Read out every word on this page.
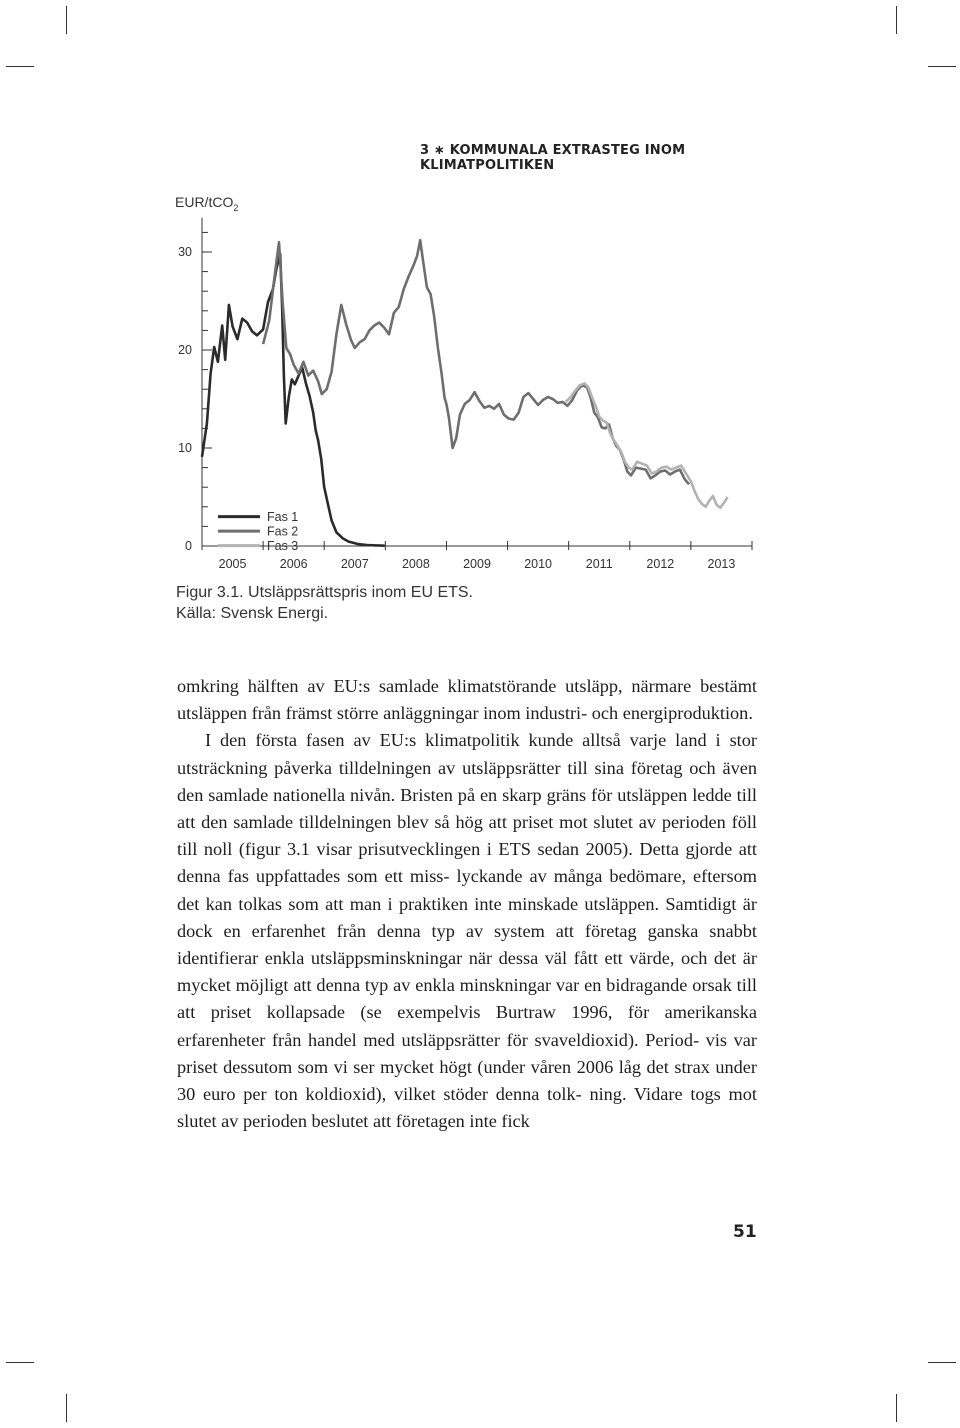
3 ∗ KOMMUNALA EXTRASTEG INOM KLIMATPOLITIKEN
EUR/tCO$_2$
0
10
20
30
2005	2006	2007	2008	2009	2010	2011	2012	2013
Fas 1
Fas 2
Fas 3
Figur 3.1. Utsläppsrättspris inom EU ETS.
Källa: Svensk Energi.

omkring hälften av EU:s samlade klimatstörande utsläpp, närmare bestämt utsläppen från främst större anläggningar inom industri- och energiproduktion.

I den första fasen av EU:s klimatpolitik kunde alltså varje land i stor utsträckning påverka tilldelningen av utsläppsrätter till sina företag och även den samlade nationella nivån. Bristen på en skarp gräns för utsläppen ledde till att den samlade tilldelningen blev så hög att priset mot slutet av perioden föll till noll (figur 3.1 visar prisutvecklingen i ETS sedan 2005). Detta gjorde att denna fas uppfattades som ett miss- lyckande av många bedömare, eftersom det kan tolkas som att man i praktiken inte minskade utsläppen. Samtidigt är dock en erfarenhet från denna typ av system att företag ganska snabbt identifierar enkla utsläppsminskningar när dessa väl fått ett värde, och det är mycket möjligt att denna typ av enkla minskningar var en bidragande orsak till att priset kollapsade (se exempelvis Burtraw 1996, för amerikanska erfarenheter från handel med utsläppsrätter för svaveldioxid). Period- vis var priset dessutom som vi ser mycket högt (under våren 2006 låg det strax under 30 euro per ton koldioxid), vilket stöder denna tolk- ning. Vidare togs mot slutet av perioden beslutet att företagen inte fick

51
